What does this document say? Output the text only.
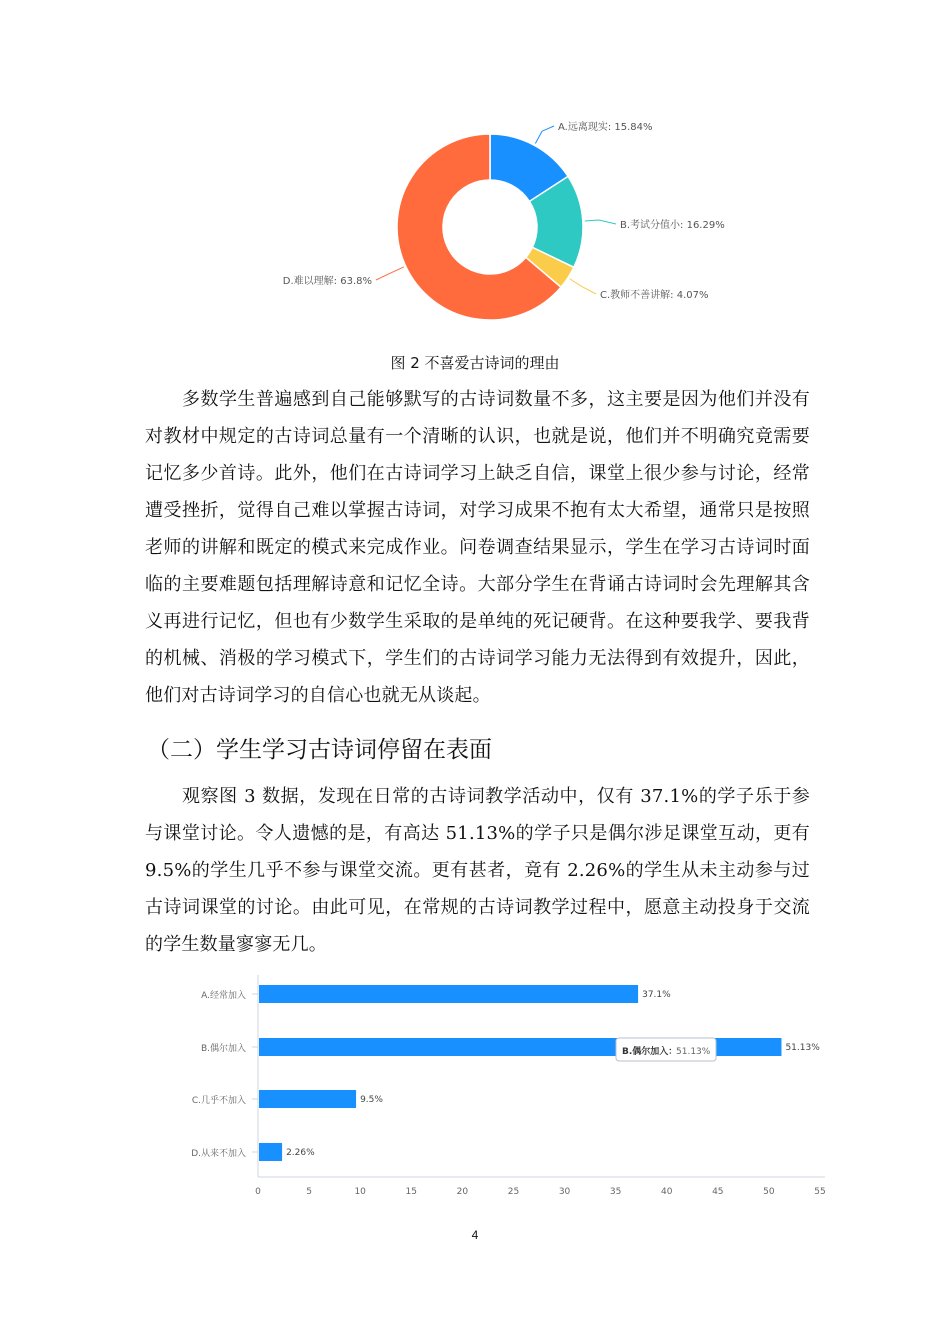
A.远离现实: 15.84%
B.考试分值小: 16.29%
C.教师不善讲解: 4.07%
D.难以理解: 63.8%
图 2 不喜爱古诗词的理由

多数学生普遍感到自己能够默写的古诗词数量不多，这主要是因为他们并没有对教材中规定的古诗词总量有一个清晰的认识，也就是说，他们并不明确究竟需要记忆多少首诗。此外，他们在古诗词学习上缺乏自信，课堂上很少参与讨论，经常遭受挫折，觉得自己难以掌握古诗词，对学习成果不抱有太大希望，通常只是按照老师的讲解和既定的模式来完成作业。问卷调查结果显示，学生在学习古诗词时面临的主要难题包括理解诗意和记忆全诗。大部分学生在背诵古诗词时会先理解其含义再进行记忆，但也有少数学生采取的是单纯的死记硬背。在这种要我学、要我背的机械、消极的学习模式下，学生们的古诗词学习能力无法得到有效提升，因此，他们对古诗词学习的自信心也就无从谈起。

（二）学生学习古诗词停留在表面

观察图 3 数据，发现在日常的古诗词教学活动中，仅有 37.1%的学子乐于参与课堂讨论。令人遗憾的是，有高达 51.13%的学子只是偶尔涉足课堂互动，更有 9.5%的学生几乎不参与课堂交流。更有甚者，竟有 2.26%的学生从未主动参与过古诗词课堂的讨论。由此可见，在常规的古诗词教学过程中，愿意主动投身于交流的学生数量寥寥无几。

A.经常加入	37.1%
B.偶尔加入	51.13%
C.几乎不加入	9.5%
D.从来不加入	2.26%
0	5	10	15	20	25	30	35	40	45	50	55
B.偶尔加入：
51.13%
4
